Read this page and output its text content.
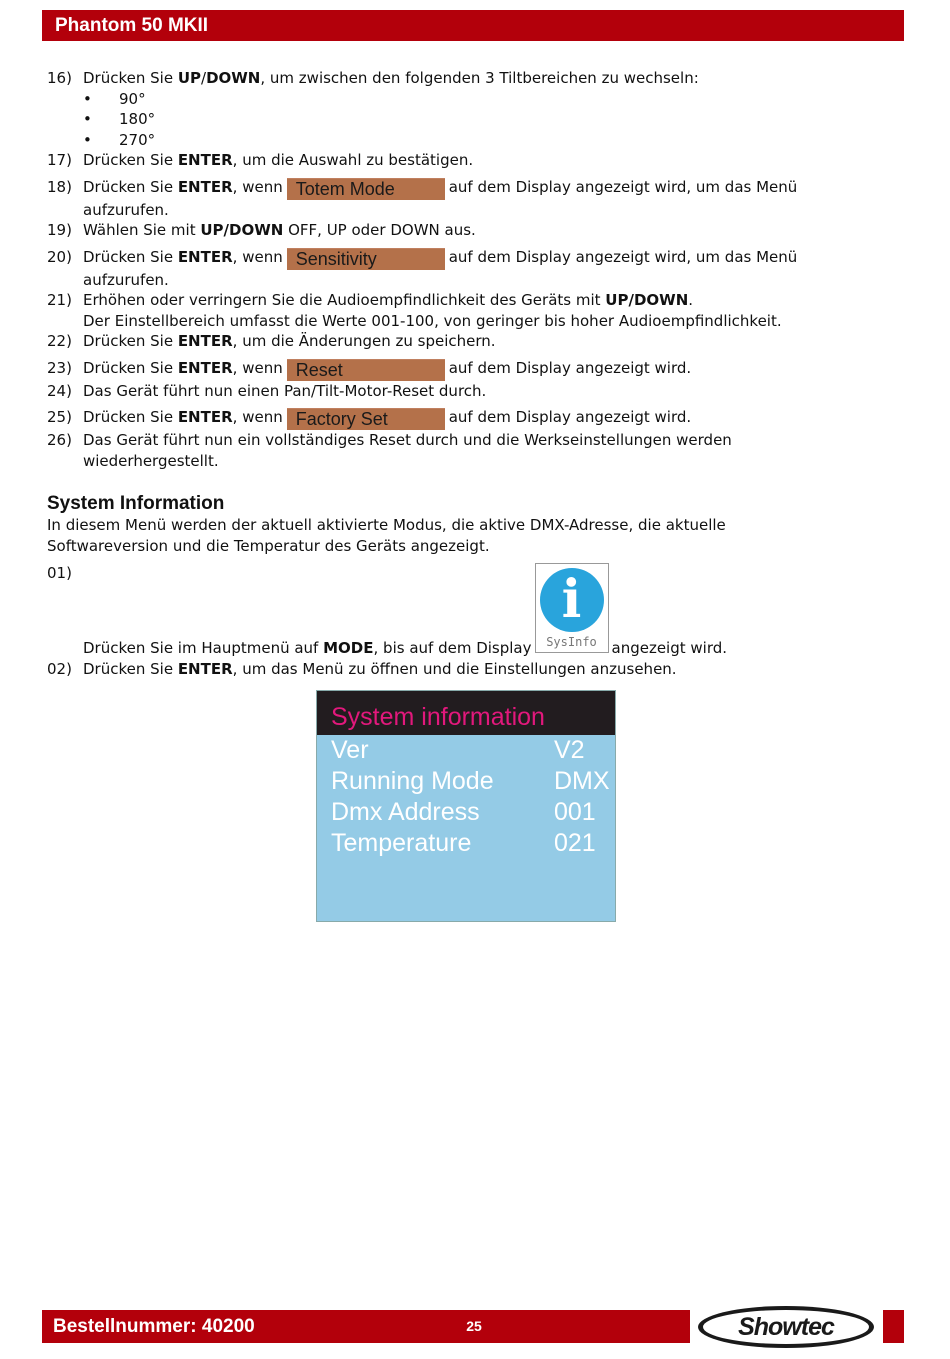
Phantom 50 MKII
16) Drücken Sie UP/DOWN, um zwischen den folgenden 3 Tiltbereichen zu wechseln:
• 90°
• 180°
• 270°
17) Drücken Sie ENTER, um die Auswahl zu bestätigen.
18) Drücken Sie ENTER, wenn Totem Mode	auf dem Display angezeigt wird, um das Menü aufzurufen.
19) Wählen Sie mit UP/DOWN OFF, UP oder DOWN aus.
20) Drücken Sie ENTER, wenn Sensitivity	auf dem Display angezeigt wird, um das Menü aufzurufen.
21) Erhöhen oder verringern Sie die Audioempfindlichkeit des Geräts mit UP/DOWN.
Der Einstellbereich umfasst die Werte 001-100, von geringer bis hoher Audioempfindlichkeit.
22) Drücken Sie ENTER, um die Änderungen zu speichern.
23) Drücken Sie ENTER, wenn Reset	auf dem Display angezeigt wird.
24) Das Gerät führt nun einen Pan/Tilt-Motor-Reset durch.
25) Drücken Sie ENTER, wenn Factory Set	auf dem Display angezeigt wird.
26) Das Gerät führt nun ein vollständiges Reset durch und die Werkseinstellungen werden wiederhergestellt.
System Information
In diesem Menü werden der aktuell aktivierte Modus, die aktive DMX-Adresse, die aktuelle Softwareversion und die Temperatur des Geräts angezeigt.
01)
Drücken Sie im Hauptmenü auf MODE, bis auf dem Display
i
SysInfo angezeigt wird.
02) Drücken Sie ENTER, um das Menü zu öffnen und die Einstellungen anzusehen.
System information
Ver	V2
Running Mode DMX
Dmx Address	001
Temperature	021
Bestellnummer: 40200	25	Showtec
